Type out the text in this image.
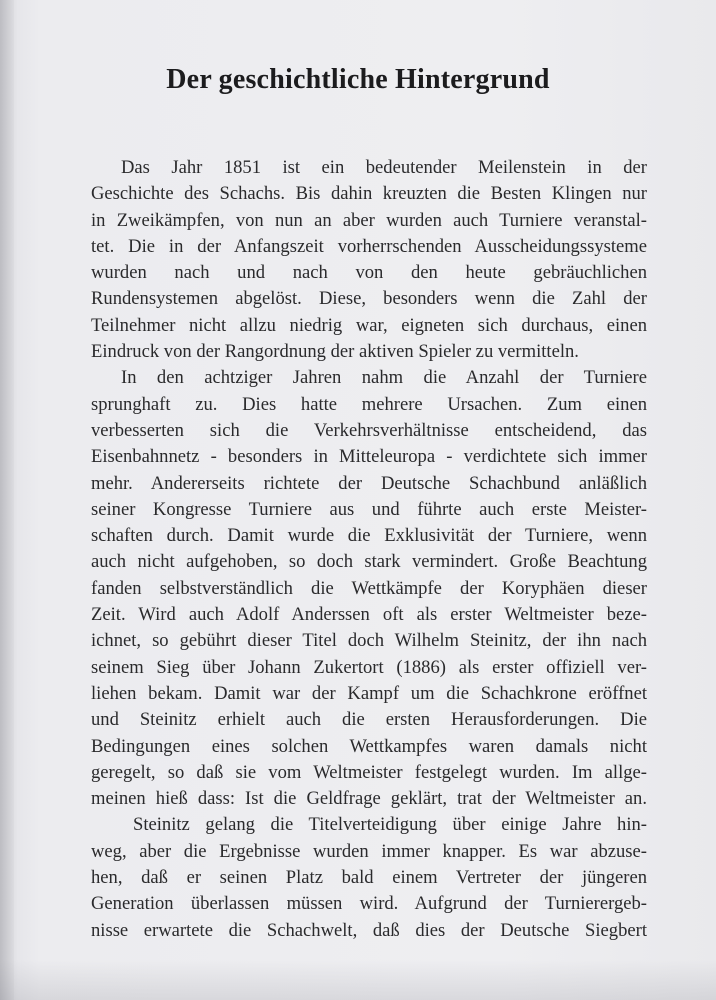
Der geschichtliche Hintergrund
Das Jahr 1851 ist ein bedeutender Meilenstein in der
Geschichte des Schachs. Bis dahin kreuzten die Besten Klingen nur
in Zweikämpfen, von nun an aber wurden auch Turniere veranstal-
tet. Die in der Anfangszeit vorherrschenden Ausscheidungssysteme
wurden nach und nach von den heute gebräuchlichen
Rundensystemen abgelöst. Diese, besonders wenn die Zahl der
Teilnehmer nicht allzu niedrig war, eigneten sich durchaus, einen
Eindruck von der Rangordnung der aktiven Spieler zu vermitteln.
In den achtziger Jahren nahm die Anzahl der Turniere
sprunghaft zu. Dies hatte mehrere Ursachen. Zum einen
verbesserten sich die Verkehrsverhältnisse entscheidend, das
Eisenbahnnetz - besonders in Mitteleuropa - verdichtete sich immer
mehr. Andererseits richtete der Deutsche Schachbund anläßlich
seiner Kongresse Turniere aus und führte auch erste Meister-
schaften durch. Damit wurde die Exklusivität der Turniere, wenn
auch nicht aufgehoben, so doch stark vermindert. Große Beachtung
fanden selbstverständlich die Wettkämpfe der Koryphäen dieser
Zeit. Wird auch Adolf Anderssen oft als erster Weltmeister beze-
ichnet, so gebührt dieser Titel doch Wilhelm Steinitz, der ihn nach
seinem Sieg über Johann Zukertort (1886) als erster offiziell ver-
liehen bekam. Damit war der Kampf um die Schachkrone eröffnet
und Steinitz erhielt auch die ersten Herausforderungen. Die
Bedingungen eines solchen Wettkampfes waren damals nicht
geregelt, so daß sie vom Weltmeister festgelegt wurden. Im allge-
meinen hieß dass: Ist die Geldfrage geklärt, trat der Weltmeister an.
Steinitz gelang die Titelverteidigung über einige Jahre hin-
weg, aber die Ergebnisse wurden immer knapper. Es war abzuse-
hen, daß er seinen Platz bald einem Vertreter der jüngeren
Generation überlassen müssen wird. Aufgrund der Turnierergeb-
nisse erwartete die Schachwelt, daß dies der Deutsche Siegbert
